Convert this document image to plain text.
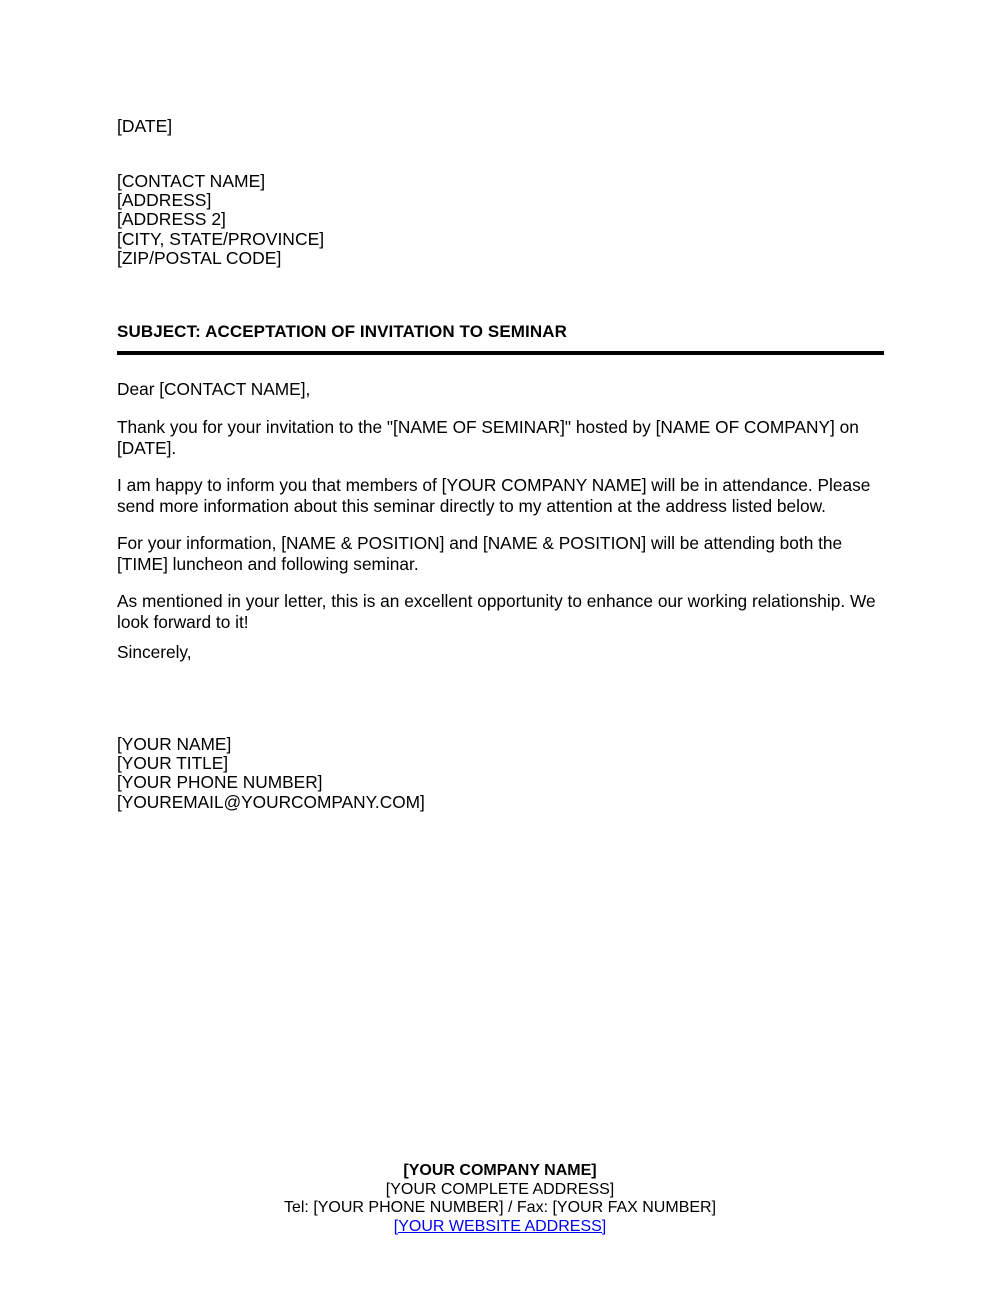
[DATE]
[CONTACT NAME]
[ADDRESS]
[ADDRESS 2]
[CITY, STATE/PROVINCE]
[ZIP/POSTAL CODE]
SUBJECT: ACCEPTATION OF INVITATION TO SEMINAR

Dear [CONTACT NAME],

Thank you for your invitation to the "[NAME OF SEMINAR]" hosted by [NAME OF COMPANY] on [DATE].

I am happy to inform you that members of [YOUR COMPANY NAME] will be in attendance. Please send more information about this seminar directly to my attention at the address listed below.

For your information, [NAME & POSITION] and [NAME & POSITION] will be attending both the [TIME] luncheon and following seminar.

As mentioned in your letter, this is an excellent opportunity to enhance our working relationship. We look forward to it!

Sincerely,
[YOUR NAME]
[YOUR TITLE]
[YOUR PHONE NUMBER]
[YOUREMAIL@YOURCOMPANY.COM]
[YOUR COMPANY NAME]
[YOUR COMPLETE ADDRESS]
Tel: [YOUR PHONE NUMBER] / Fax: [YOUR FAX NUMBER]
[YOUR WEBSITE ADDRESS]
